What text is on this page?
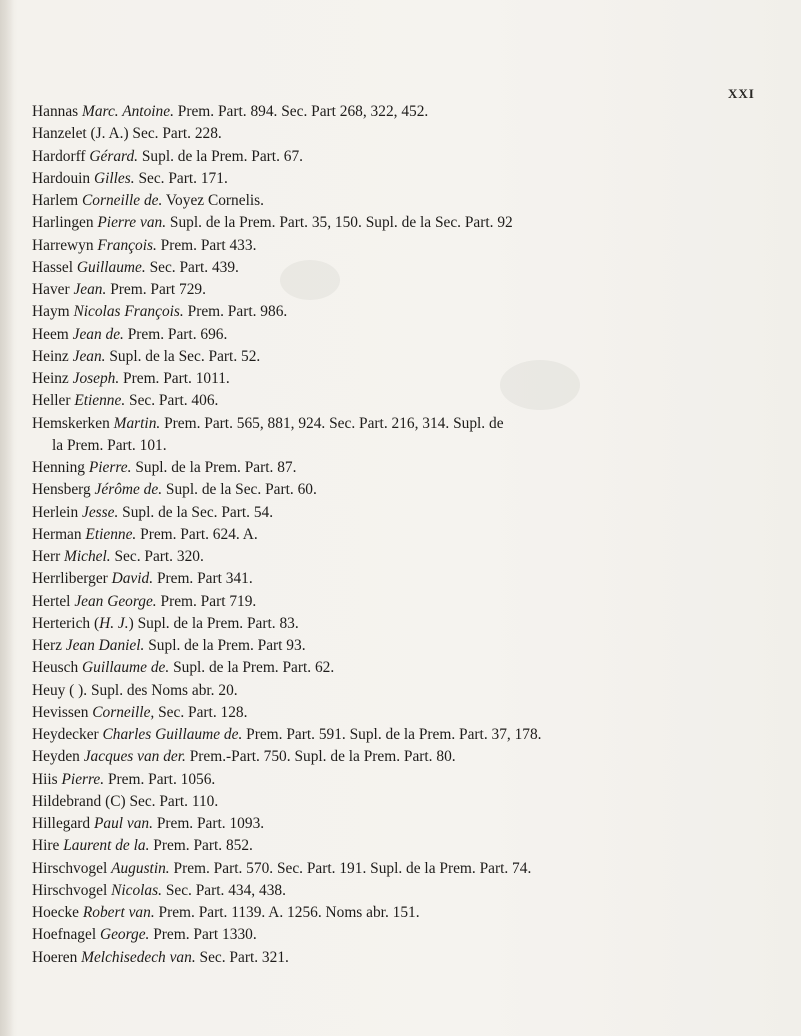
XXI
Hannas Marc. Antoine. Prem. Part. 894. Sec. Part 268, 322, 452.
Hanzelet (J. A.) Sec. Part. 228.
Hardorff Gérard. Supl. de la Prem. Part. 67.
Hardouin Gilles. Sec. Part. 171.
Harlem Corneille de. Voyez Cornelis.
Harlingen Pierre van. Supl. de la Prem. Part. 35, 150. Supl. de la Sec. Part. 92
Harrewyn François. Prem. Part 433.
Hassel Guillaume. Sec. Part. 439.
Haver Jean. Prem. Part 729.
Haym Nicolas François. Prem. Part. 986.
Heem Jean de. Prem. Part. 696.
Heinz Jean. Supl. de la Sec. Part. 52.
Heinz Joseph. Prem. Part. 1011.
Heller Etienne. Sec. Part. 406.
Hemskerken Martin. Prem. Part. 565, 881, 924. Sec. Part. 216, 314. Supl. de
la Prem. Part. 101.
Henning Pierre. Supl. de la Prem. Part. 87.
Hensberg Jérôme de. Supl. de la Sec. Part. 60.
Herlein Jesse. Supl. de la Sec. Part. 54.
Herman Etienne. Prem. Part. 624. A.
Herr Michel. Sec. Part. 320.
Herrliberger David. Prem. Part 341.
Hertel Jean George. Prem. Part 719.
Herterich (H. J.) Supl. de la Prem. Part. 83.
Herz Jean Daniel. Supl. de la Prem. Part 93.
Heusch Guillaume de. Supl. de la Prem. Part. 62.
Heuy ( ). Supl. des Noms abr. 20.
Hevissen Corneille, Sec. Part. 128.
Heydecker Charles Guillaume de. Prem. Part. 591. Supl. de la Prem. Part. 37, 178.
Heyden Jacques van der. Prem.-Part. 750. Supl. de la Prem. Part. 80.
Hiis Pierre. Prem. Part. 1056.
Hildebrand (C) Sec. Part. 110.
Hillegard Paul van. Prem. Part. 1093.
Hire Laurent de la. Prem. Part. 852.
Hirschvogel Augustin. Prem. Part. 570. Sec. Part. 191. Supl. de la Prem. Part. 74.
Hirschvogel Nicolas. Sec. Part. 434, 438.
Hoecke Robert van. Prem. Part. 1139. A. 1256. Noms abr. 151.
Hoefnagel George. Prem. Part 1330.
Hoeren Melchisedech van. Sec. Part. 321.
